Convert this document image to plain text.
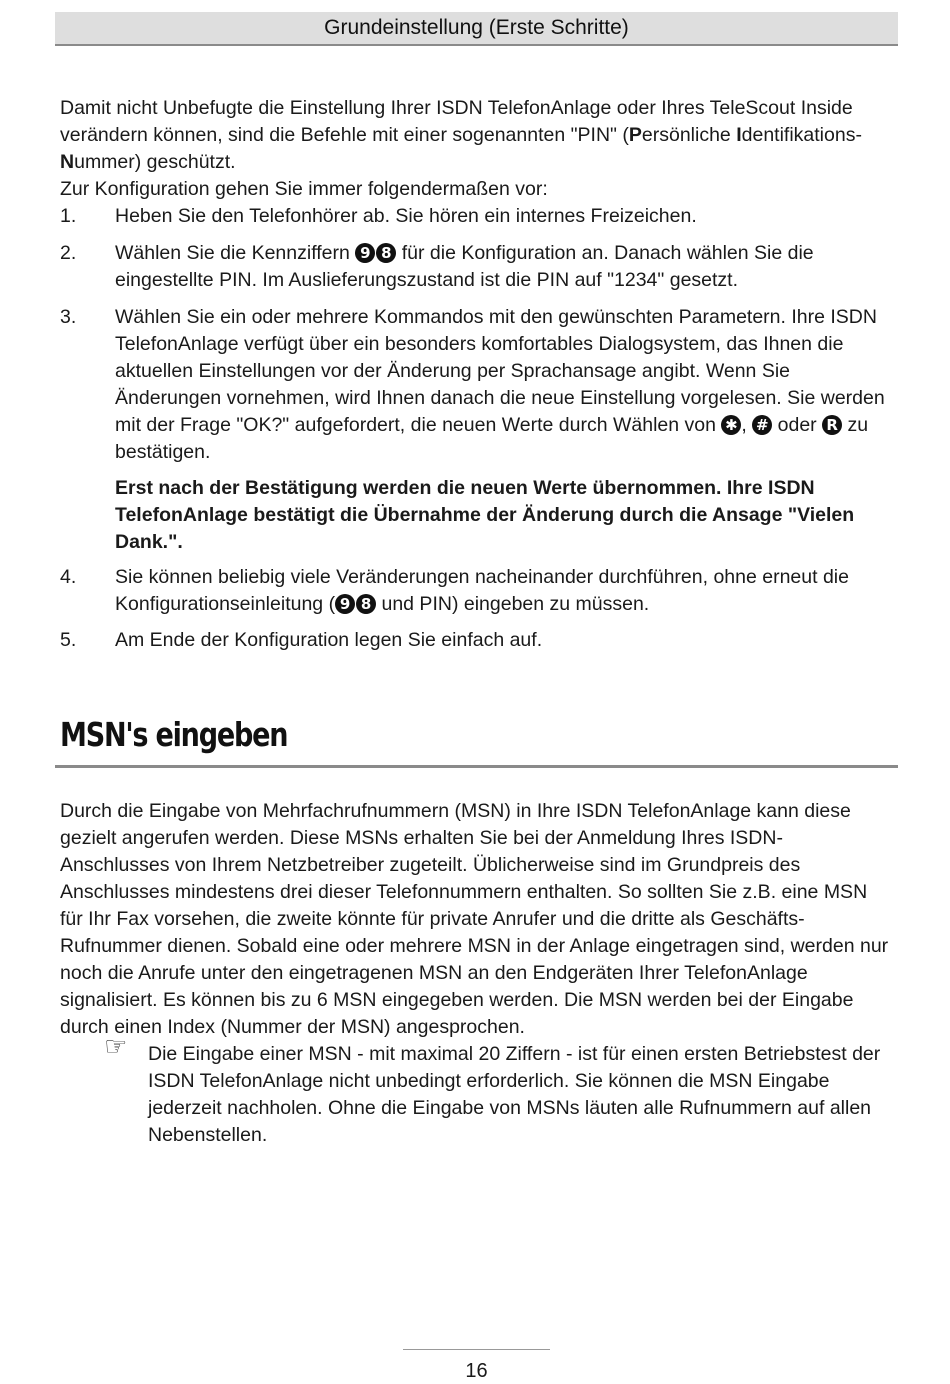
Grundeinstellung (Erste Schritte)

Damit nicht Unbefugte die Einstellung Ihrer ISDN TelefonAnlage oder Ihres TeleScout Inside verändern können, sind die Befehle mit einer sogenannten "PIN" (Persönliche Identifikations-Nummer) geschützt.

Zur Konfiguration gehen Sie immer folgendermaßen vor:

1. Heben Sie den Telefonhörer ab. Sie hören ein internes Freizeichen.
2. Wählen Sie die Kennziffern 9 8 für die Konfiguration an. Danach wählen Sie die eingestellte PIN. Im Auslieferungszustand ist die PIN auf "1234" gesetzt.
3. Wählen Sie ein oder mehrere Kommandos mit den gewünschten Parametern. Ihre ISDN TelefonAnlage verfügt über ein besonders komfortables Dialogsystem, das Ihnen die aktuellen Einstellungen vor der Änderung per Sprachansage angibt. Wenn Sie Änderungen vornehmen, wird Ihnen danach die neue Einstellung vorgelesen. Sie werden mit der Frage "OK?" aufgefordert, die neuen Werte durch Wählen von ✱ , # oder R zu bestätigen.
Erst nach der Bestätigung werden die neuen Werte übernommen. Ihre ISDN TelefonAnlage bestätigt die Übernahme der Änderung durch die Ansage "Vielen Dank.".
4. Sie können beliebig viele Veränderungen nacheinander durchführen, ohne erneut die Konfigurationseinleitung ( 9 8 und PIN) eingeben zu müssen.
5. Am Ende der Konfiguration legen Sie einfach auf.
MSN's eingeben

Durch die Eingabe von Mehrfachrufnummern (MSN) in Ihre ISDN TelefonAnlage kann diese gezielt angerufen werden. Diese MSNs erhalten Sie bei der Anmeldung Ihres ISDN-Anschlusses von Ihrem Netzbetreiber zugeteilt. Üblicherweise sind im Grundpreis des Anschlusses mindestens drei dieser Telefonnummern enthalten. So sollten Sie z.B. eine MSN für Ihr Fax vorsehen, die zweite könnte für private Anrufer und die dritte als Geschäfts-Rufnummer dienen. Sobald eine oder mehrere MSN in der Anlage eingetragen sind, werden nur noch die Anrufe unter den eingetragenen MSN an den Endgeräten Ihrer TelefonAnlage signalisiert. Es können bis zu 6 MSN eingegeben werden. Die MSN werden bei der Eingabe durch einen Index (Nummer der MSN) angesprochen.

☞ Die Eingabe einer MSN - mit maximal 20 Ziffern - ist für einen ersten Betriebstest der ISDN TelefonAnlage nicht unbedingt erforderlich. Sie können die MSN Eingabe jederzeit nachholen. Ohne die Eingabe von MSNs läuten alle Rufnummern auf allen Nebenstellen.
16
